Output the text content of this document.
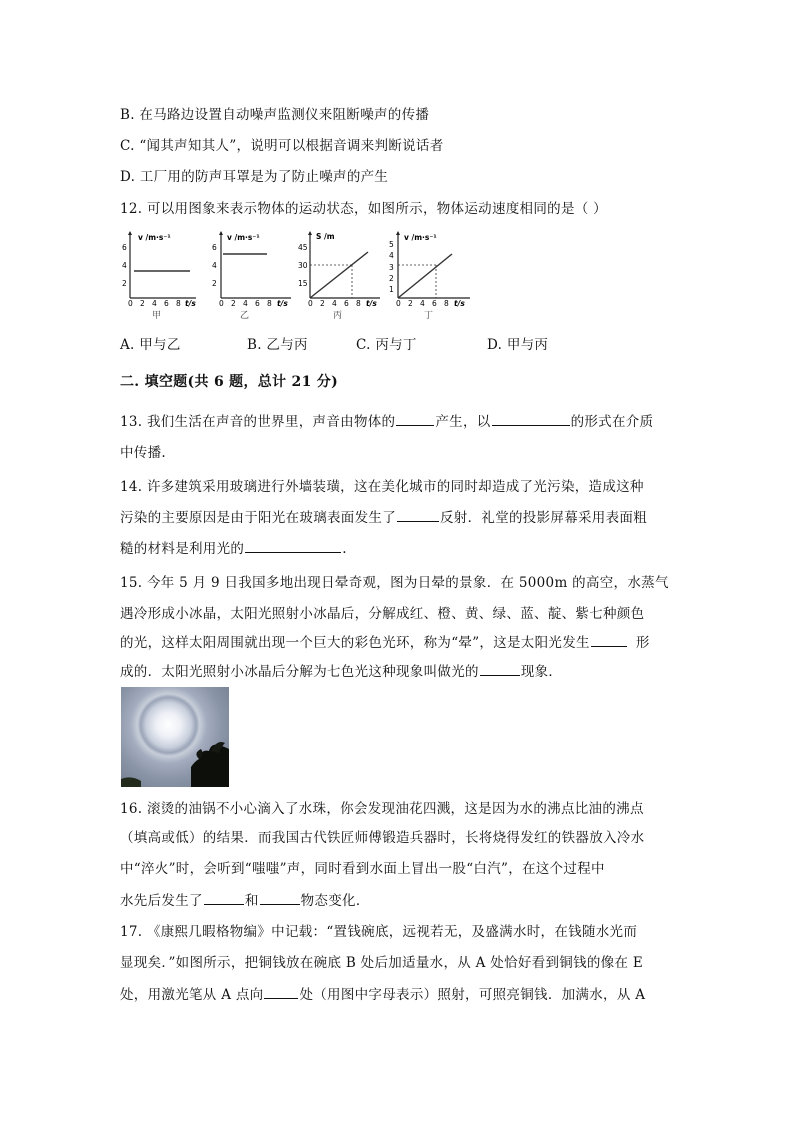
B. 在马路边设置自动噪声监测仪来阻断噪声的传播
C. “闻其声知其人”，说明可以根据音调来判断说话者
D. 工厂用的防声耳罩是为了防止噪声的产生
12. 可以用图象来表示物体的运动状态，如图所示，物体运动速度相同的是（ ）
v /m·s⁻¹
6
4
2
0 2 4 6 8 t/s
甲
v /m·s⁻¹
6
4
2
0 2 4 6 8 t/s
乙
S /m
45
30
15
0 2 4 6 8 t/s
丙
v /m·s⁻¹
5
4
3
2
1
0 2 4 6 8 t/s
丁
A. 甲与乙	B. 乙与丙	C. 丙与丁	D. 甲与丙
二. 填空题(共 6 题，总计 21 分)
13. 我们生活在声音的世界里，声音由物体的	产生，以	的形式在介质
中传播.
14. 许多建筑采用玻璃进行外墙装璜，这在美化城市的同时却造成了光污染，造成这种
污染的主要原因是由于阳光在玻璃表面发生了	反射．礼堂的投影屏幕采用表面粗
糙的材料是利用光的	.
15. 今年 5 月 9 日我国多地出现日晕奇观，图为日晕的景象．在 5000m 的高空，水蒸气
遇冷形成小冰晶，太阳光照射小冰晶后，分解成红、橙、黄、绿、蓝、靛、紫七种颜色
的光，这样太阳周围就出现一个巨大的彩色光环，称为“晕”，这是太阳光发生	形
成的．太阳光照射小冰晶后分解为七色光这种现象叫做光的	现象．
16. 滚烫的油锅不小心滴入了水珠，你会发现油花四溅，这是因为水的沸点比油的沸点
（填高或低）的结果．而我国古代铁匠师傅锻造兵器时，长将烧得发红的铁器放入冷水
中“淬火”时，会听到“嗤嗤”声，同时看到水面上冒出一股“白汽”，在这个过程中
水先后发生了	和	物态变化．
17. 《康熙几暇格物编》中记载：“置钱碗底，远视若无，及盛满水时，在钱随水光而
显现矣．”如图所示，把铜钱放在碗底 B 处后加适量水，从 A 处恰好看到铜钱的像在 E
处，用激光笔从 A 点向	处（用图中字母表示）照射，可照亮铜钱．加满水，从 A
